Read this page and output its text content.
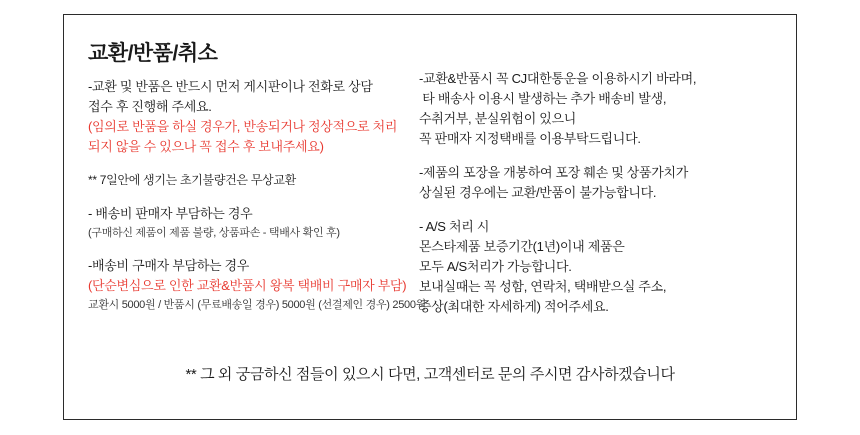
교환/반품/취소
-교환 및 반품은 반드시 먼저 게시판이나 전화로 상담
접수 후 진행해 주세요.
(임의로 반품을 하실 경우가, 반송되거나 정상적으로 처리
되지 않을 수 있으나 꼭 접수 후 보내주세요)
** 7일안에 생기는 초기불량건은 무상교환
- 배송비 판매자 부담하는 경우
(구매하신 제품이 제품 불량, 상품파손 - 택배사 확인 후)
-배송비 구매자 부담하는 경우
(단순변심으로 인한 교환&반품시 왕복 택배비 구매자 부담)
교환시 5000원 / 반품시 (무료배송일 경우) 5000원 (선결제인 경우) 2500원
-교환&반품시 꼭 CJ대한통운을 이용하시기 바라며,
타 배송사 이용시 발생하는 추가 배송비 발생,
수취거부, 분실위험이 있으니
꼭 판매자 지정택배를 이용부탁드립니다.
-제품의 포장을 개봉하여 포장 훼손 및 상품가치가
상실된 경우에는 교환/반품이 불가능합니다.
- A/S 처리 시
몬스타제품 보증기간(1년)이내 제품은
모두 A/S처리가 가능합니다.
보내실때는 꼭 성함, 연락처, 택배받으실 주소,
증상(최대한 자세하게) 적어주세요.
** 그 외 궁금하신 점들이 있으시 다면, 고객센터로 문의 주시면 감사하겠습니다
